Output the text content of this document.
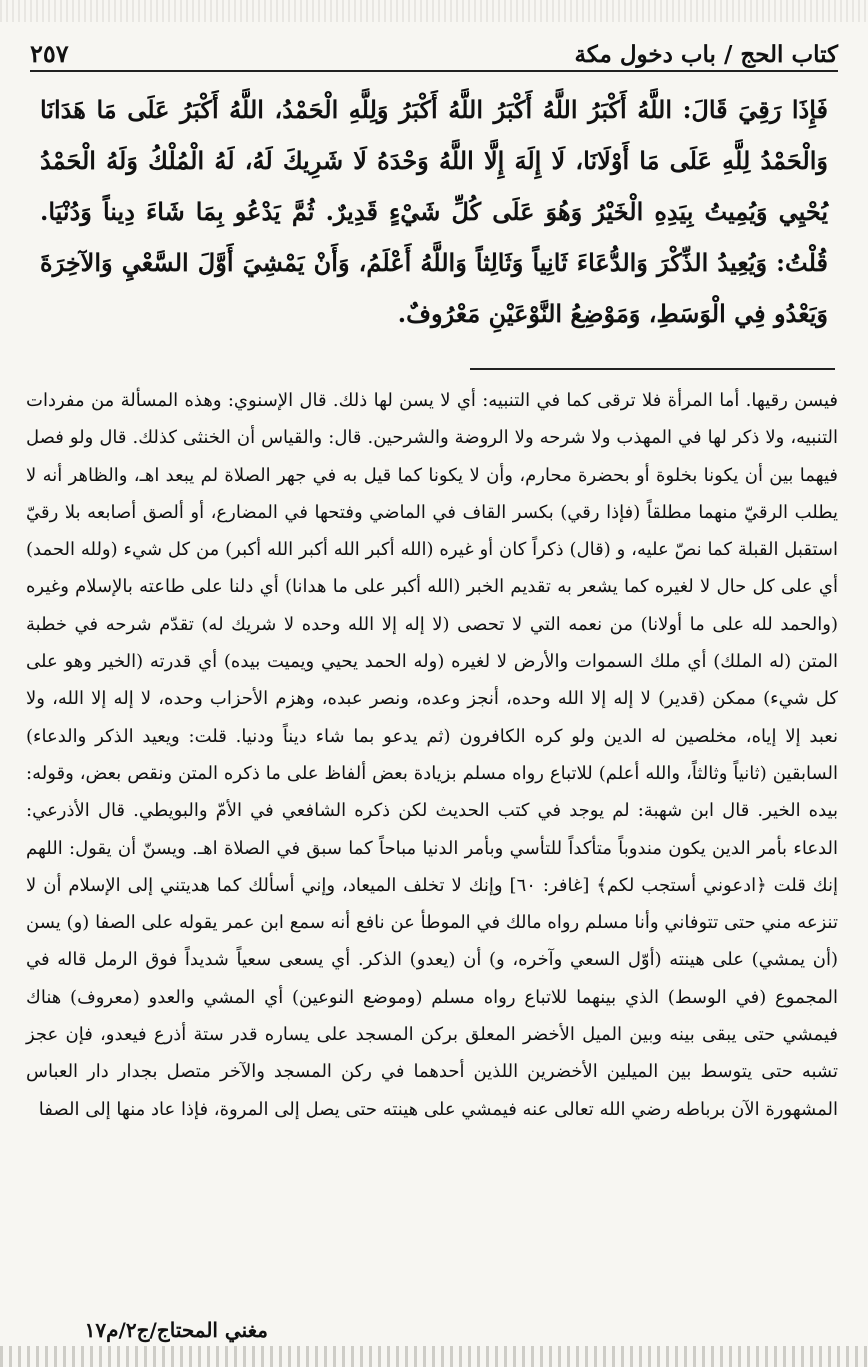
كتاب الحج / باب دخول مكة
٢٥٧

فَإِذَا رَقِيَ قَالَ: اللَّهُ أَكْبَرُ اللَّهُ أَكْبَرُ اللَّهُ أَكْبَرُ وَلِلَّهِ الْحَمْدُ، اللَّهُ أَكْبَرُ عَلَى مَا هَدَانَا وَالْحَمْدُ لِلَّهِ عَلَى مَا أَوْلَانَا، لَا إِلَهَ إِلَّا اللَّهُ وَحْدَهُ لَا شَرِيكَ لَهُ، لَهُ الْمُلْكُ وَلَهُ الْحَمْدُ يُحْيِي وَيُمِيتُ بِيَدِهِ الْخَيْرُ وَهُوَ عَلَى كُلِّ شَيْءٍ قَدِيرٌ. ثُمَّ يَدْعُو بِمَا شَاءَ دِيناً وَدُنْيَا. قُلْتُ: وَيُعِيدُ الذِّكْرَ وَالدُّعَاءَ ثَانِياً وَثَالِثاً وَاللَّهُ أَعْلَمُ، وَأَنْ يَمْشِيَ أَوَّلَ السَّعْيِ وَالآخِرَةَ وَيَعْدُو فِي الْوَسَطِ، وَمَوْضِعُ النَّوْعَيْنِ مَعْرُوفٌ.

فيسن رقيها. أما المرأة فلا ترقى كما في التنبيه: أي لا يسن لها ذلك. قال الإسنوي: وهذه المسألة من مفردات التنبيه، ولا ذكر لها في المهذب ولا شرحه ولا الروضة والشرحين. قال: والقياس أن الخنثى كذلك. قال ولو فصل فيهما بين أن يكونا بخلوة أو بحضرة محارم، وأن لا يكونا كما قيل به في جهر الصلاة لم يبعد اهـ، والظاهر أنه لا يطلب الرقيّ منهما مطلقاً (فإذا رقي) بكسر القاف في الماضي وفتحها في المضارع، أو ألصق أصابعه بلا رقيّ استقبل القبلة كما نصّ عليه، و (قال) ذكراً كان أو غيره (الله أكبر الله أكبر الله أكبر) من كل شيء (ولله الحمد) أي على كل حال لا لغيره كما يشعر به تقديم الخبر (الله أكبر على ما هدانا) أي دلنا على طاعته بالإسلام وغيره (والحمد لله على ما أولانا) من نعمه التي لا تحصى (لا إله إلا الله وحده لا شريك له) تقدّم شرحه في خطبة المتن (له الملك) أي ملك السموات والأرض لا لغيره (وله الحمد يحيي ويميت بيده) أي قدرته (الخير وهو على كل شيء) ممكن (قدير) لا إله إلا الله وحده، أنجز وعده، ونصر عبده، وهزم الأحزاب وحده، لا إله إلا الله، ولا نعبد إلا إياه، مخلصين له الدين ولو كره الكافرون (ثم يدعو بما شاء ديناً ودنيا. قلت: ويعيد الذكر والدعاء) السابقين (ثانياً وثالثاً، والله أعلم) للاتباع رواه مسلم بزيادة بعض ألفاظ على ما ذكره المتن ونقص بعض، وقوله: بيده الخير. قال ابن شهبة: لم يوجد في كتب الحديث لكن ذكره الشافعي في الأمّ والبويطي. قال الأذرعي: الدعاء بأمر الدين يكون مندوباً متأكداً للتأسي وبأمر الدنيا مباحاً كما سبق في الصلاة اهـ. ويسنّ أن يقول: اللهم إنك قلت ﴿ادعوني أستجب لكم﴾ [غافر: ٦٠] وإنك لا تخلف الميعاد، وإني أسألك كما هديتني إلى الإسلام أن لا تنزعه مني حتى تتوفاني وأنا مسلم رواه مالك في الموطأ عن نافع أنه سمع ابن عمر يقوله على الصفا (و) يسن (أن يمشي) على هينته (أوّل السعي وآخره، و) أن (يعدو) الذكر. أي يسعى سعياً شديداً فوق الرمل قاله في المجموع (في الوسط) الذي بينهما للاتباع رواه مسلم (وموضع النوعين) أي المشي والعدو (معروف) هناك فيمشي حتى يبقى بينه وبين الميل الأخضر المعلق بركن المسجد على يساره قدر ستة أذرع فيعدو، فإن عجز تشبه حتى يتوسط بين الميلين الأخضرين اللذين أحدهما في ركن المسجد والآخر متصل بجدار دار العباس المشهورة الآن برباطه رضي الله تعالى عنه فيمشي على هينته حتى يصل إلى المروة، فإذا عاد منها إلى الصفا

مغني المحتاج/ج٢/م١٧
